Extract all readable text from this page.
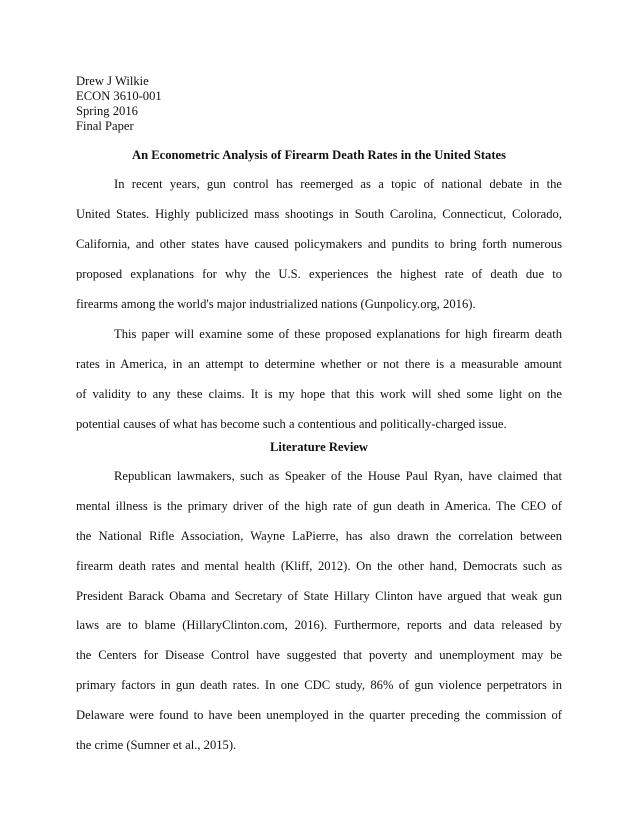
Drew J Wilkie
ECON 3610-001
Spring 2016
Final Paper
An Econometric Analysis of Firearm Death Rates in the United States
In recent years, gun control has reemerged as a topic of national debate in the
United States. Highly publicized mass shootings in South Carolina, Connecticut, Colorado,
California, and other states have caused policymakers and pundits to bring forth numerous
proposed explanations for why the U.S. experiences the highest rate of death due to
firearms among the world's major industrialized nations (Gunpolicy.org, 2016).
This paper will examine some of these proposed explanations for high firearm death
rates in America, in an attempt to determine whether or not there is a measurable amount
of validity to any these claims. It is my hope that this work will shed some light on the
potential causes of what has become such a contentious and politically-charged issue.
Literature Review
Republican lawmakers, such as Speaker of the House Paul Ryan, have claimed that
mental illness is the primary driver of the high rate of gun death in America. The CEO of
the National Rifle Association, Wayne LaPierre, has also drawn the correlation between
firearm death rates and mental health (Kliff, 2012). On the other hand, Democrats such as
President Barack Obama and Secretary of State Hillary Clinton have argued that weak gun
laws are to blame (HillaryClinton.com, 2016). Furthermore, reports and data released by
the Centers for Disease Control have suggested that poverty and unemployment may be
primary factors in gun death rates. In one CDC study, 86% of gun violence perpetrators in
Delaware were found to have been unemployed in the quarter preceding the commission of
the crime (Sumner et al., 2015).
